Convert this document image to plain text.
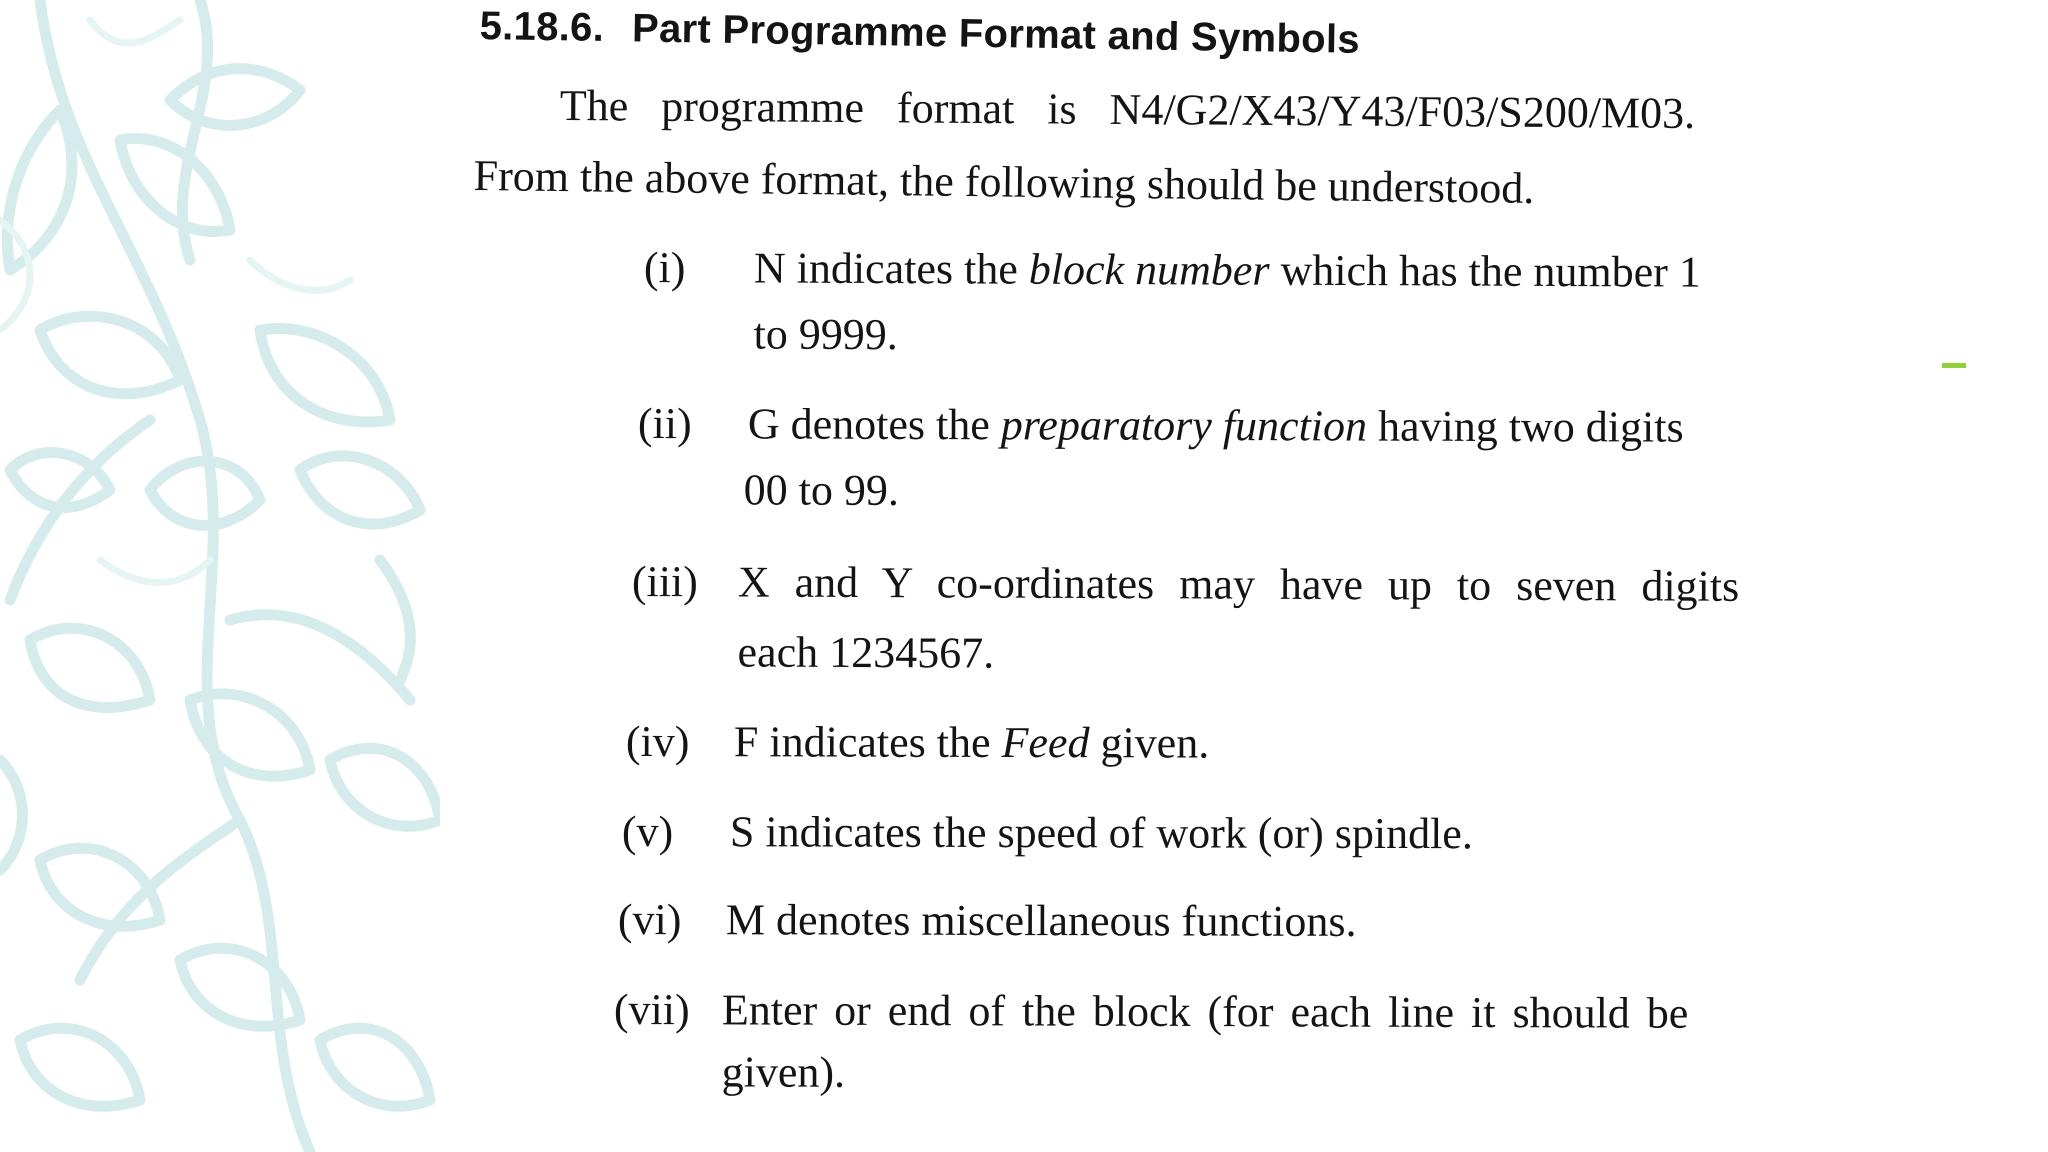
5.18.6. Part Programme Format and Symbols
The programme format is N4/G2/X43/Y43/F03/S200/M03.
From the above format, the following should be understood.
(i) N indicates the block number which has the number 1
to 9999.
(ii) G denotes the preparatory function having two digits
00 to 99.
(iii) X and Y co-ordinates may have up to seven digits
each 1234567.
(iv) F indicates the Feed given.
(v) S indicates the speed of work (or) spindle.
(vi) M denotes miscellaneous functions.
(vii) Enter or end of the block (for each line it should be
given).
